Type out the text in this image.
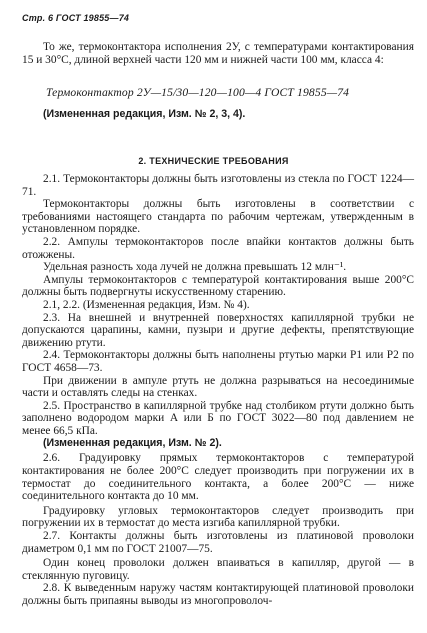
Стр. 6 ГОСТ 19855—74

То же, термоконтактора исполнения 2У, с температурами контактирования 15 и 30°С, длиной верхней части 120 мм и нижней части 100 мм, класса 4:

Термоконтактор 2У—15/30—120—100—4 ГОСТ 19855—74

(Измененная редакция, Изм. № 2, 3, 4).

2. ТЕХНИЧЕСКИЕ ТРЕБОВАНИЯ

2.1. Термоконтакторы должны быть изготовлены из стекла по ГОСТ 1224—71.

Термоконтакторы должны быть изготовлены в соответствии с требованиями настоящего стандарта по рабочим чертежам, утвержденным в установленном порядке.

2.2. Ампулы термоконтакторов после впайки контактов должны быть отожжены.

Удельная разность хода лучей не должна превышать 12 млн⁻¹.

Ампулы термоконтакторов с температурой контактирования выше 200°С должны быть подвергнуты искусственному старению.

2.1, 2.2. (Измененная редакция, Изм. № 4).

2.3. На внешней и внутренней поверхностях капиллярной трубки не допускаются царапины, камни, пузыри и другие дефекты, препятствующие движению ртути.

2.4. Термоконтакторы должны быть наполнены ртутью марки Р1 или Р2 по ГОСТ 4658—73.

При движении в ампуле ртуть не должна разрываться на несоединимые части и оставлять следы на стенках.

2.5. Пространство в капиллярной трубке над столбиком ртути должно быть заполнено водородом марки А или Б по ГОСТ 3022—80 под давлением не менее 66,5 кПа.

(Измененная редакция, Изм. № 2).

2.6. Градуировку прямых термоконтакторов с температурой контактирования не более 200°С следует производить при погружении их в термостат до соединительного контакта, а более 200°С — ниже соединительного контакта до 10 мм.

Градуировку угловых термоконтакторов следует производить при погружении их в термостат до места изгиба капиллярной трубки.

2.7. Контакты должны быть изготовлены из платиновой проволоки диаметром 0,1 мм по ГОСТ 21007—75.

Один конец проволоки должен впаиваться в капилляр, другой — в стеклянную пуговицу.

2.8. К выведенным наружу частям контактирующей платиновой проволоки должны быть припаяны выводы из многопроволоч-
